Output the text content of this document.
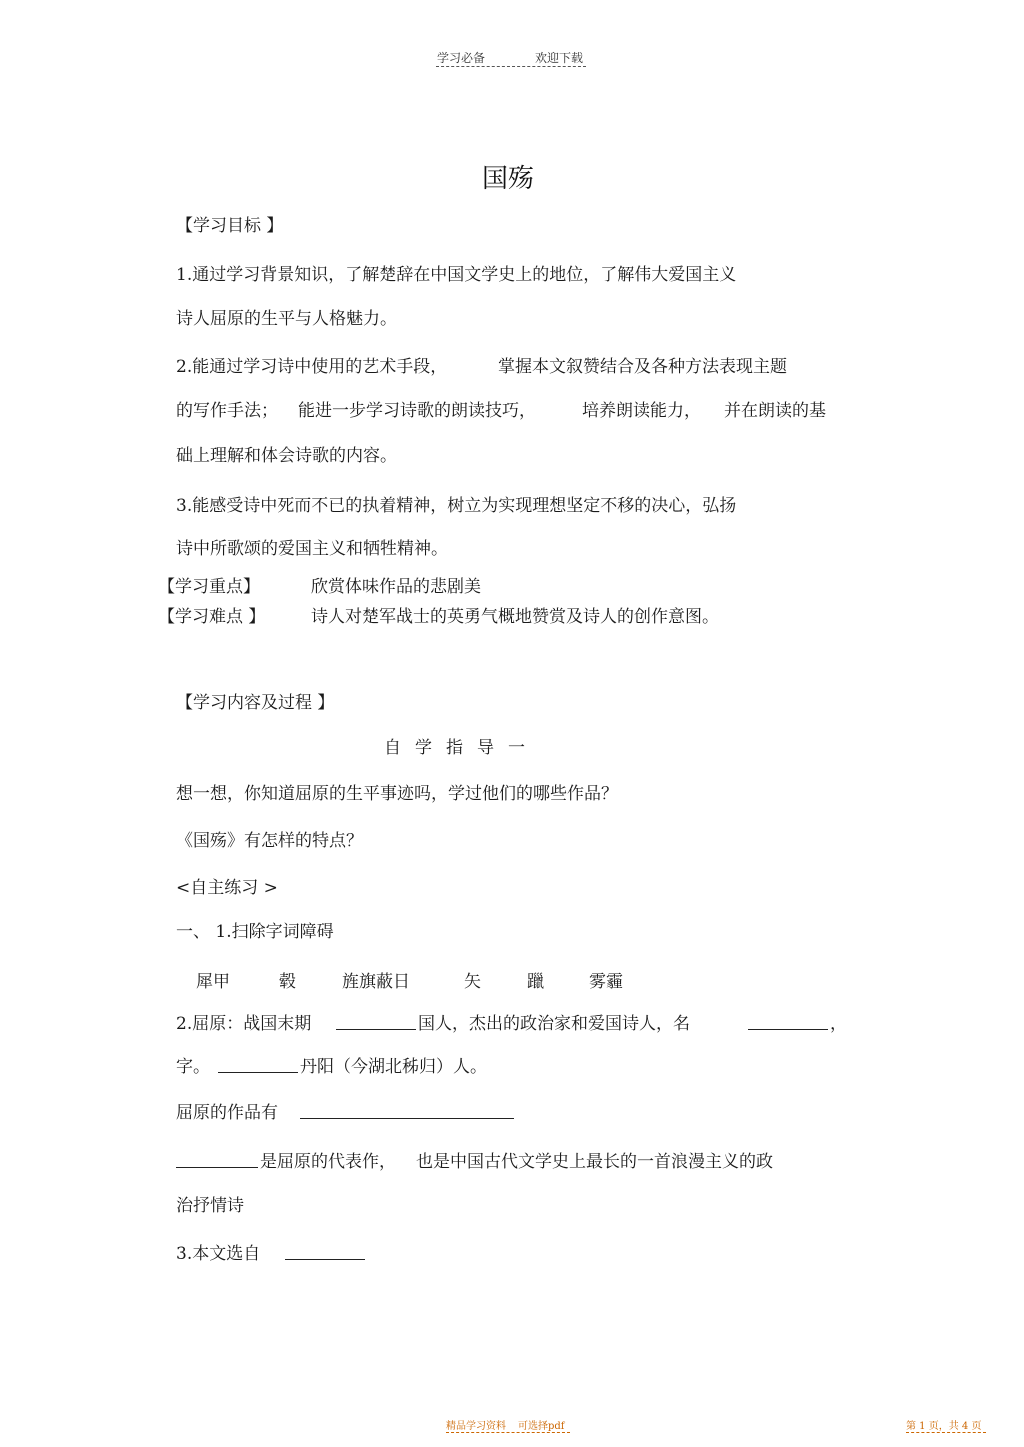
学习必备	欢迎下载
国殇
【学习目标 】
1.通过学习背景知识，了解楚辞在中国文学史上的地位，了解伟大爱国主义
诗人屈原的生平与人格魅力。
2.能通过学习诗中使用的艺术手段，	掌握本文叙赞结合及各种方法表现主题
的写作手法； 能进一步学习诗歌的朗读技巧，	培养朗读能力， 并在朗读的基
础上理解和体会诗歌的内容。
3.能感受诗中死而不已的执着精神，树立为实现理想坚定不移的决心，弘扬
诗中所歌颂的爱国主义和牺牲精神。
【学习重点】	欣赏体味作品的悲剧美
【学习难点 】	诗人对楚军战士的英勇气概地赞赏及诗人的创作意图。
【学习内容及过程 】
自学指导一
想一想，你知道屈原的生平事迹吗，学过他们的哪些作品？
《国殇》有怎样的特点？
<自主练习 >
一、 1.扫除字词障碍
犀甲	毂	旌旗蔽日	矢	躐	雾霾
2.屈原：战国末期	国人，杰出的政治家和爱国诗人，名	，
字。	丹阳（今湖北秭归）人。
屈原的作品有
是屈原的代表作， 也是中国古代文学史上最长的一首浪漫主义的政
治抒情诗
3.本文选自
精品学习资料 可选择pdf	第 1 页，共 4 页
